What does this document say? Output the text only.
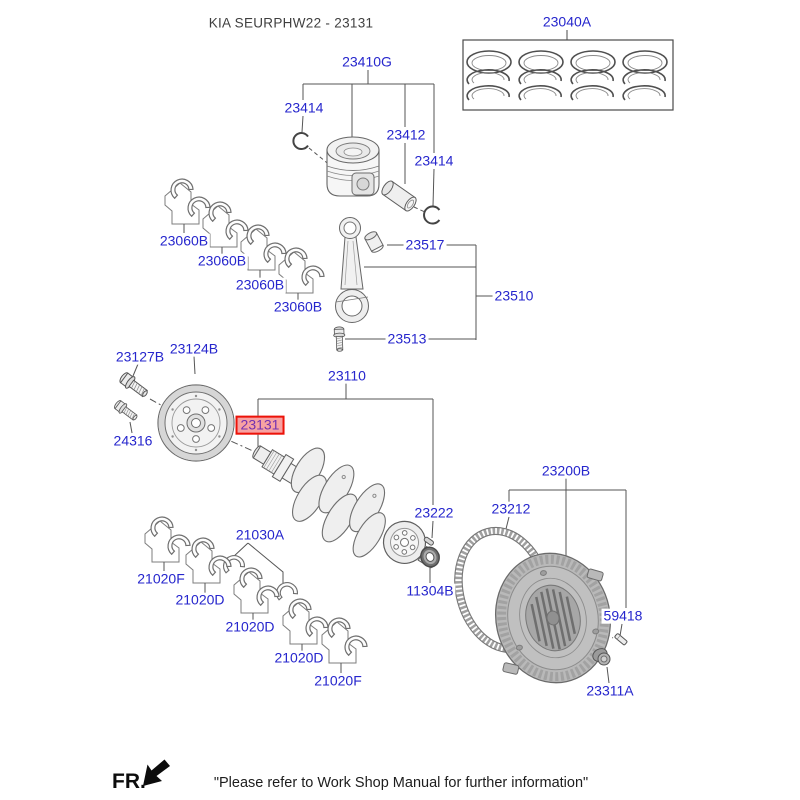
KIA SEURPHW22 - 23131	23040A
23410G
23414
23412
23414
23517
23510
23513
23060B
23060B
23060B
23060B
23127B 23124B
24316
23110
23131
23222
11304B
21030A
23200B
23212
59418
23311A
21020F
21020D
21020D
21020D
21020F
FR.	"Please refer to Work Shop Manual for further information"
